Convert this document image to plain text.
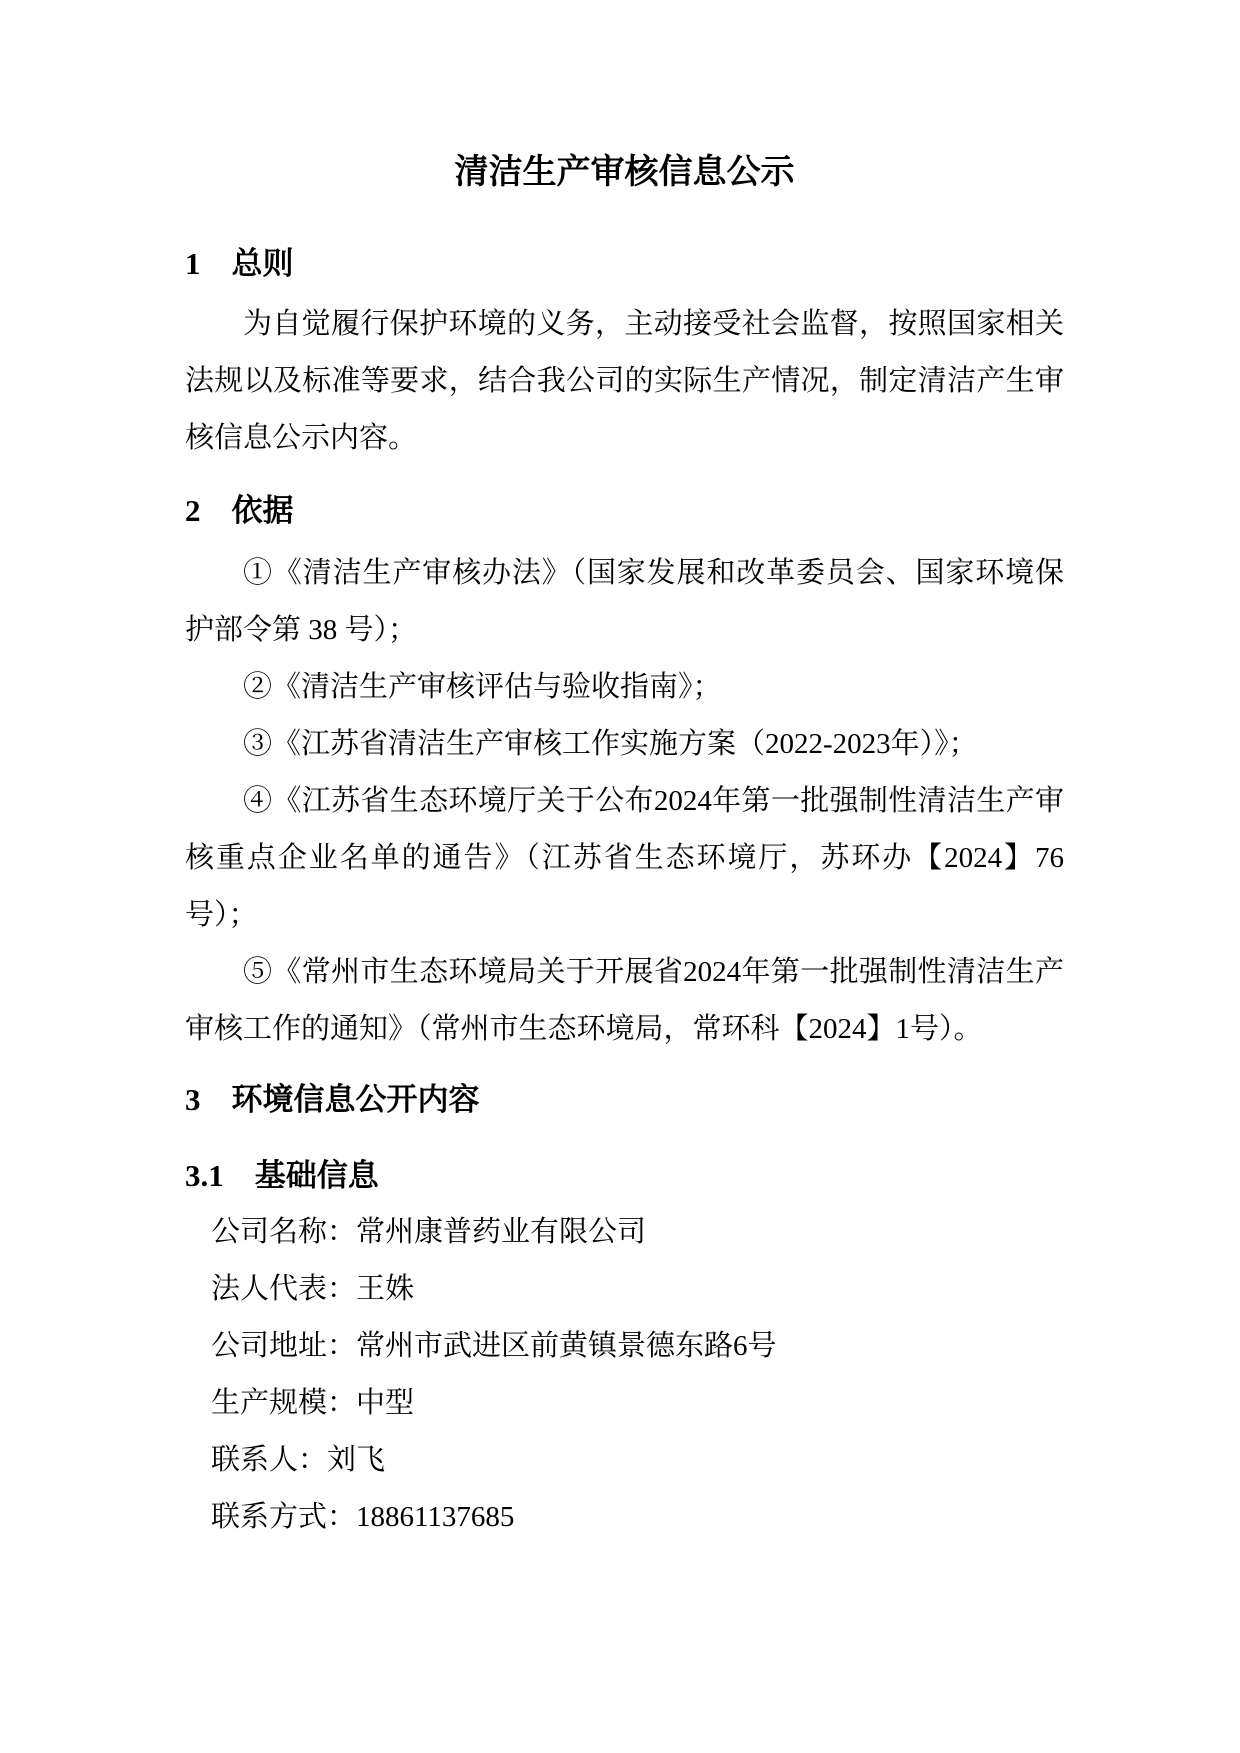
清洁生产审核信息公示
1　总则
为自觉履行保护环境的义务，主动接受社会监督，按照国家相关
法规以及标准等要求，结合我公司的实际生产情况，制定清洁产生审
核信息公示内容。
2　依据
①《清洁生产审核办法》（国家发展和改革委员会、国家环境保
护部令第 38 号）；
②《清洁生产审核评估与验收指南》；
③《江苏省清洁生产审核工作实施方案（2022-2023年）》；
④《江苏省生态环境厅关于公布2024年第一批强制性清洁生产审
核重点企业名单的通告》（江苏省生态环境厅，苏环办【2024】76
号）；
⑤《常州市生态环境局关于开展省2024年第一批强制性清洁生产
审核工作的通知》（常州市生态环境局，常环科【2024】1号）。
3　环境信息公开内容
3.1　基础信息
公司名称：常州康普药业有限公司
法人代表：王姝
公司地址：常州市武进区前黄镇景德东路6号
生产规模：中型
联系人：刘飞
联系方式：18861137685
